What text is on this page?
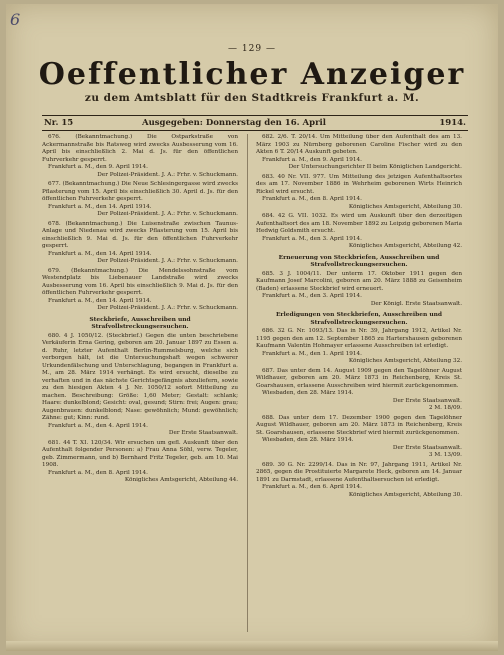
6
— 129 —
Oeffentlicher Anzeiger
zu dem Amtsblatt für den Stadtkreis Frankfurt a. M.
Nr. 15	Ausgegeben: Donnerstag den 16. April	1914.

676. (Bekanntmachung.) Die Ostparkstraße von Ackermannstraße bis Ratsweg wird zwecks Ausbesserung vom 16. April bis einschließlich 2. Mai d. Js. für den öffentlichen Fuhrverkehr gesperrt.

Frankfurt a. M., den 9. April 1914.

Der Polizei-Präsident. J. A.: Frhr. v. Schuckmann.

677. (Bekanntmachung.) Die Neue Schlesingergasse wird zwecks Pflasterung vom 15. April bis einschließlich 30. April d. Js. für den öffentlichen Fuhrverkehr gesperrt.

Frankfurt a. M., den 14. April 1914.

Der Polizei-Präsident. J. A.: Frhr. v. Schuckmann.

678. (Bekanntmachung.) Die Luisenstraße zwischen Taunus-Anlage und Niedenau wird zwecks Pflasterung vom 15. April bis einschließlich 9. Mai d. Js. für den öffentlichen Fuhrverkehr gesperrt.

Frankfurt a. M., den 14. April 1914.

Der Polizei-Präsident. J. A.: Frhr. v. Schuckmann.

679. (Bekanntmachung.) Die Mendelssohnstraße vom Westendplatz bis Liebenauer Landstraße wird zwecks Ausbesserung vom 16. April bis einschließlich 9. Mai d. Js. für den öffentlichen Fuhrverkehr gesperrt.

Frankfurt a. M., den 14. April 1914.

Der Polizei-Präsident. J. A.: Frhr. v. Schuckmann.

Steckbriefe, Ausschreiben und Strafvollstreckungsersuchen.

680. 4 J. 1050/12. (Steckbrief.) Gegen die unten beschriebene Verkäuferin Erna Gering, geboren am 20. Januar 1897 zu Essen a. d. Ruhr, letzter Aufenthalt Berlin-Rummelsburg, welche sich verborgen hält, ist die Untersuchungshaft wegen schwerer Urkundenfälschung und Unterschlagung, begangen in Frankfurt a. M., am 28. März 1914 verhängt. Es wird ersucht, dieselbe zu verhaften und in das nächste Gerichtsgefängnis abzuliefern, sowie zu den hiesigen Akten 4 J. Nr. 1050/12 sofort Mitteilung zu machen. Beschreibung: Größe: 1,60 Meter; Gestalt: schlank; Haare: dunkelblond; Gesicht: oval, gesund; Stirn: frei; Augen: grau; Augenbrauen: dunkelblond; Nase: gewöhnlich; Mund: gewöhnlich; Zähne: gut; Kinn: rund.

Frankfurt a. M., den 4. April 1914.

Der Erste Staatsanwalt.

681. 44 T. XI. 120/34. Wir ersuchen um gefl. Auskunft über den Aufenthalt folgender Personen: a) Frau Anna Söhl, verw. Tegeler, geb. Zimmermann, und b) Bernhard Fritz Tegeler, geb. am 10. Mai 1908.

Frankfurt a. M., den 8. April 1914.

Königliches Amtsgericht, Abteilung 44.

682. 2/6. T. 20/14. Um Mitteilung über den Aufenthalt des am 13. März 1903 zu Nürnberg geborenen Caroline Fischer wird zu den Akten 6 T. 20/14 Auskunft gebeten.

Frankfurt a. M., den 9. April 1914.

Der Untersuchungsrichter II beim Königlichen Landgericht.

683. 40 Nr. VII. 977. Um Mitteilung des jetzigen Aufenthaltsortes des am 17. November 1886 in Wehrheim geborenen Wirts Heinrich Rickel wird ersucht.

Frankfurt a. M., den 8. April 1914.

Königliches Amtsgericht, Abteilung 30.

684. 42 G. VII. 1032. Es wird um Auskunft über den derzeitigen Aufenthaltsort des am 18. November 1892 zu Leipzig geborenen Maria Hedwig Goldsmith ersucht.

Frankfurt a. M., den 3. April 1914.

Königliches Amtsgericht, Abteilung 42.

Erneuerung von Steckbriefen, Ausschreiben und Strafvollstreckungsersuchen.

685. 3 J. 1004/11. Der unterm 17. Oktober 1911 gegen den Kaufmann Josef Marcolini, geboren am 20. März 1888 zu Geisenheim (Baden) erlassene Steckbrief wird erneuert.

Frankfurt a. M., den 3. April 1914.

Der Königl. Erste Staatsanwalt.

Erledigungen von Steckbriefen, Ausschreiben und Strafvollstreckungsersuchen.

686. 32 G. Nr. 1093/13. Das in Nr. 39, Jahrgang 1912, Artikel Nr. 1195 gegen den am 12. September 1865 zu Hartershausen geborenen Kaufmann Valentin Hohmayer erlassene Ausschreiben ist erledigt.

Frankfurt a. M., den 1. April 1914.

Königliches Amtsgericht, Abteilung 32.

687. Das unter dem 14. August 1909 gegen den Tagelöhner August Wildhauer, geboren am 20. März 1873 in Reichenberg, Kreis St. Goarshausen, erlassene Ausschreiben wird hiermit zurückgenommen.

Wiesbaden, den 28. März 1914.

Der Erste Staatsanwalt.

2 M. 18/09.

688. Das unter dem 17. Dezember 1900 gegen den Tagelöhner August Wildhauer, geboren am 20. März 1873 in Reichenberg, Kreis St. Goarshausen, erlassene Steckbrief wird hiermit zurückgenommen.

Wiesbaden, den 28. März 1914.

Der Erste Staatsanwalt.

3 M. 13/09.

689. 30 G. Nr. 2299/14. Das in Nr. 97, Jahrgang 1911, Artikel Nr. 2865, gegen die Prostituierte Margarete Heck, geboren am 14. Januar 1891 zu Darmstadt, erlassene Aufenthaltsersuchen ist erledigt.

Frankfurt a. M., den 6. April 1914.

Königliches Amtsgericht, Abteilung 30.
